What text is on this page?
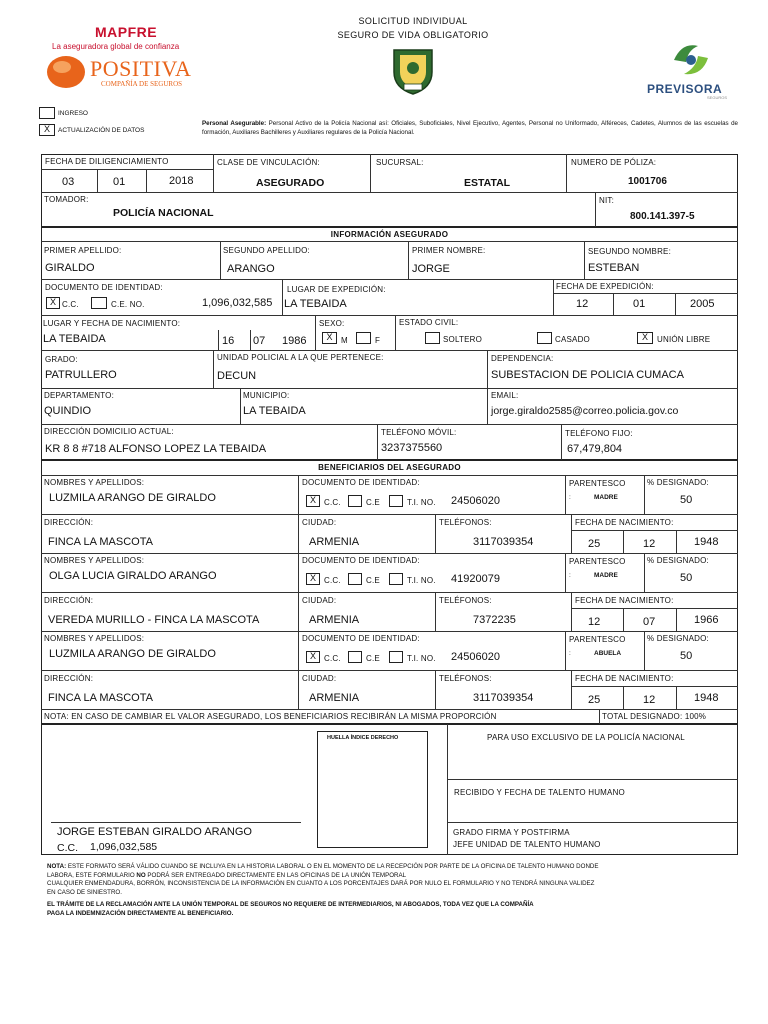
MAPFRE
La aseguradora global de confianza
POSITIVA
COMPAÑÍA DE SEGUROS	PREVISORA
SEGUROS
SOLICITUD INDIVIDUAL
SEGURO DE VIDA OBLIGATORIO
INGRESO
X	ACTUALIZACIÓN DE DATOS
Personal Asegurable: Personal Activo de la Policía Nacional así: Oficiales, Suboficiales, Nivel Ejecutivo, Agentes, Personal no Uniformado, Alféreces, Cadetes, Alumnos de las escuelas de formación, Auxiliares Bachilleres y Auxiliares regulares de la Policía Nacional.
FECHA DE DILIGENCIAMIENTO
03	01	2018
CLASE DE VINCULACIÓN:
ASEGURADO
SUCURSAL:
ESTATAL
NUMERO DE PÓLIZA:
1001706
TOMADOR:
POLICÍA NACIONAL
NIT:
800.141.397-5
INFORMACIÓN ASEGURADO
PRIMER APELLIDO:
GIRALDO
SEGUNDO APELLIDO:
ARANGO
PRIMER NOMBRE:
JORGE
SEGUNDO NOMBRE:
ESTEBAN
DOCUMENTO DE IDENTIDAD:
X C.C.	C.E. NO.	1,096,032,585
LUGAR DE EXPEDICIÓN:
LA TEBAIDA
FECHA DE EXPEDICIÓN:
12	01	2005
LUGAR Y FECHA DE NACIMIENTO:
LA TEBAIDA	16 07 1986
SEXO:
X	M	F
ESTADO CIVIL:
SOLTERO	CASADO	X	UNIÓN LIBRE
GRADO:
PATRULLERO
UNIDAD POLICIAL A LA QUE PERTENECE:
DECUN
DEPENDENCIA:
SUBESTACION DE POLICIA CUMACA
DEPARTAMENTO:
QUINDIO
MUNICIPIO:
LA TEBAIDA
EMAIL:
jorge.giraldo2585@correo.policia.gov.co
DIRECCIÓN DOMICILIO ACTUAL:
KR 8 8 #718 ALFONSO LOPEZ LA TEBAIDA
TELÉFONO MÓVIL:
3237375560
TELÉFONO FIJO:
67,479,804
BENEFICIARIOS DEL ASEGURADO
NOMBRES Y APELLIDOS:
LUZMILA ARANGO DE GIRALDO
DOCUMENTO DE IDENTIDAD:
X	C.C.	C.E	T.I. NO. 24506020
PARENTESCO
:	MADRE
% DESIGNADO:
50
DIRECCIÓN:
FINCA LA MASCOTA
CIUDAD:
ARMENIA
TELÉFONOS:
3117039354
FECHA DE NACIMIENTO:
25	12	1948
NOMBRES Y APELLIDOS:
OLGA LUCIA GIRALDO ARANGO
DOCUMENTO DE IDENTIDAD:
X	C.C.	C.E	T.I. NO. 41920079
PARENTESCO
:	MADRE
% DESIGNADO:
50
DIRECCIÓN:
VEREDA MURILLO - FINCA LA MASCOTA
CIUDAD:
ARMENIA
TELÉFONOS:
7372235
FECHA DE NACIMIENTO:
12	07	1966
NOMBRES Y APELLIDOS:
LUZMILA ARANGO DE GIRALDO
DOCUMENTO DE IDENTIDAD:
X	C.C.	C.E	T.I. NO. 24506020
PARENTESCO
:	ABUELA
% DESIGNADO:
50
DIRECCIÓN:
FINCA LA MASCOTA
CIUDAD:
ARMENIA
TELÉFONOS:
3117039354
FECHA DE NACIMIENTO:
25	12	1948
NOTA: EN CASO DE CAMBIAR EL VALOR ASEGURADO, LOS BENEFICIARIOS RECIBIRÁN LA MISMA PROPORCIÓN	TOTAL DESIGNADO: 100%
HUELLA ÍNDICE DERECHO
JORGE ESTEBAN GIRALDO ARANGO
C.C. 1,096,032,585
PARA USO EXCLUSIVO DE LA POLICÍA NACIONAL
RECIBIDO Y FECHA DE TALENTO HUMANO
GRADO FIRMA Y POSTFIRMA
JEFE UNIDAD DE TALENTO HUMANO
NOTA: ESTE FORMATO SERÁ VÁLIDO CUANDO SE INCLUYA EN LA HISTORIA LABORAL O EN EL MOMENTO DE LA RECEPCIÓN POR PARTE DE LA OFICINA DE TALENTO HUMANO DONDE
LABORA, ESTE FORMULARIO NO PODRÁ SER ENTREGADO DIRECTAMENTE EN LAS OFICINAS DE LA UNIÓN TEMPORAL
CUALQUIER ENMENDADURA, BORRÓN, INCONSISTENCIA DE LA INFORMACIÓN EN CUANTO A LOS PORCENTAJES DARÁ POR NULO EL FORMULARIO Y NO TENDRÁ NINGUNA VALIDEZ
EN CASO DE SINIESTRO.
EL TRÁMITE DE LA RECLAMACIÓN ANTE LA UNIÓN TEMPORAL DE SEGUROS NO REQUIERE DE INTERMEDIARIOS, NI ABOGADOS, TODA VEZ QUE LA COMPAÑÍA
PAGA LA INDEMNIZACIÓN DIRECTAMENTE AL BENEFICIARIO.
